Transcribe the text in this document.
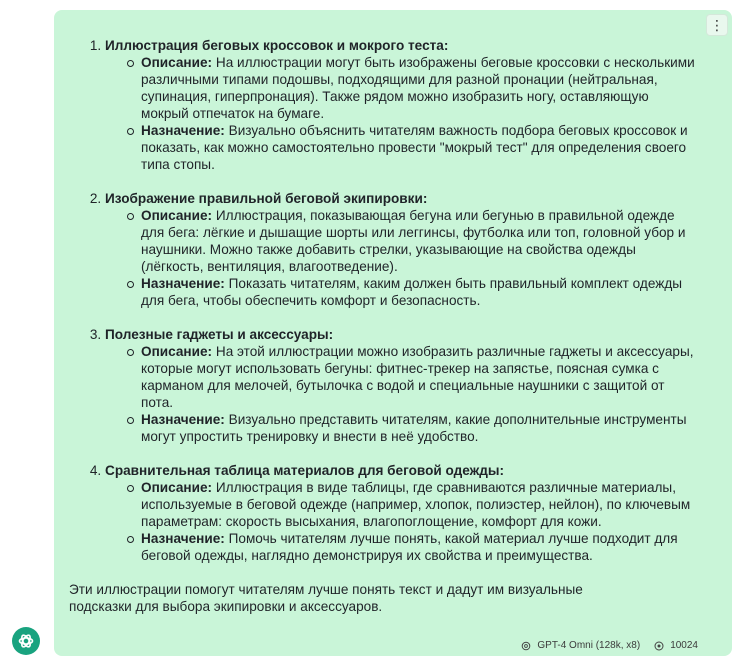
⋮
1. Иллюстрация беговых кроссовок и мокрого теста:
Описание: На иллюстрации могут быть изображены беговые кроссовки с несколькими различными типами подошвы, подходящими для разной пронации (нейтральная, супинация, гиперпронация). Также рядом можно изобразить ногу, оставляющую мокрый отпечаток на бумаге.
Назначение: Визуально объяснить читателям важность подбора беговых кроссовок и показать, как можно самостоятельно провести "мокрый тест" для определения своего типа стопы.
2. Изображение правильной беговой экипировки:
Описание: Иллюстрация, показывающая бегуна или бегунью в правильной одежде для бега: лёгкие и дышащие шорты или леггинсы, футболка или топ, головной убор и наушники. Можно также добавить стрелки, указывающие на свойства одежды (лёгкость, вентиляция, влагоотведение).
Назначение: Показать читателям, каким должен быть правильный комплект одежды для бега, чтобы обеспечить комфорт и безопасность.
3. Полезные гаджеты и аксессуары:
Описание: На этой иллюстрации можно изобразить различные гаджеты и аксессуары, которые могут использовать бегуны: фитнес-трекер на запястье, поясная сумка с карманом для мелочей, бутылочка с водой и специальные наушники с защитой от пота.
Назначение: Визуально представить читателям, какие дополнительные инструменты могут упростить тренировку и внести в неё удобство.
4. Сравнительная таблица материалов для беговой одежды:
Описание: Иллюстрация в виде таблицы, где сравниваются различные материалы, используемые в беговой одежде (например, хлопок, полиэстер, нейлон), по ключевым параметрам: скорость высыхания, влагопоглощение, комфорт для кожи.
Назначение: Помочь читателям лучше понять, какой материал лучше подходит для беговой одежды, наглядно демонстрируя их свойства и преимущества.

Эти иллюстрации помогут читателям лучше понять текст и дадут им визуальные подсказки для выбора экипировки и аксессуаров.

GPT-4 Omni (128k, x8)	10024
